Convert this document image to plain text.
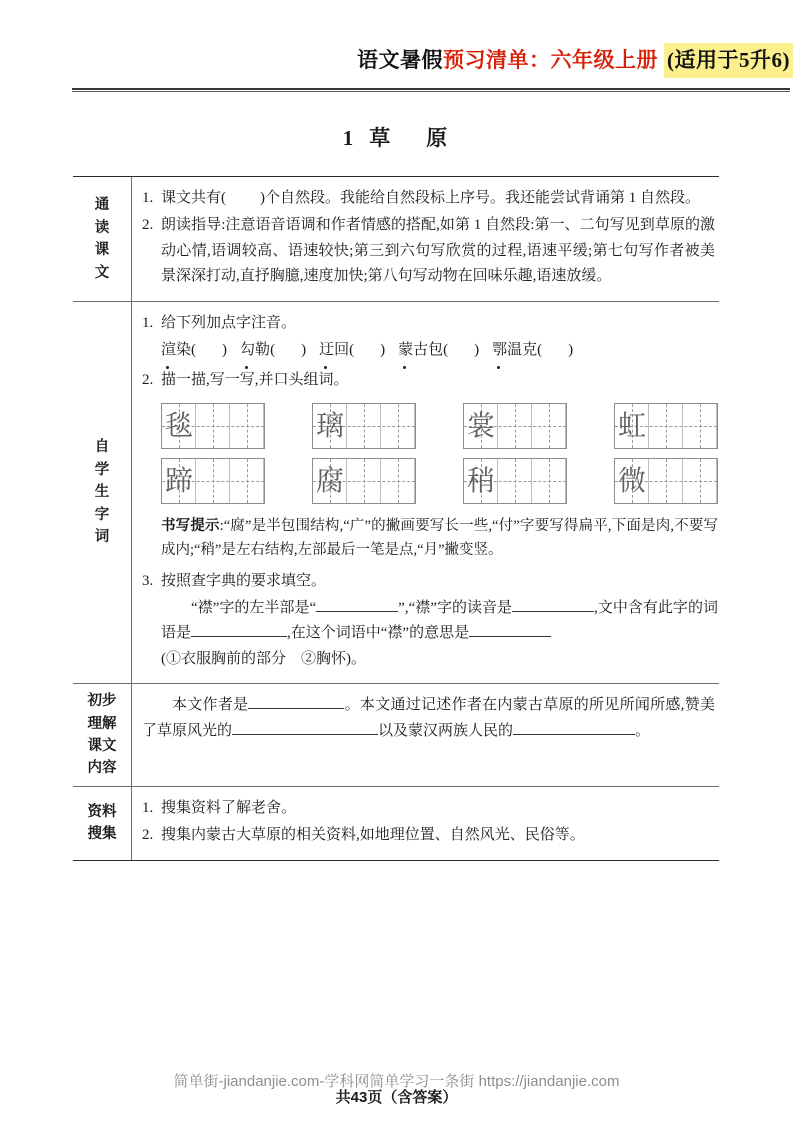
语文暑假预习清单：六年级上册 (适用于5升6)
1 草 原
通
读
课
文
1. 课文共有( )个自然段。我能给自然段标上序号。我还能尝试背诵第 1 自然段。
2. 朗读指导:注意语音语调和作者情感的搭配,如第 1 自然段:第一、二句写见到草原的激动心情,语调较高、语速较快;第三到六句写欣赏的过程,语速平缓;第七句写作者被美景深深打动,直抒胸臆,速度加快;第八句写动物在回味乐趣,语速放缓。
自
学
生
字
词
1. 给下列加点字注音。
渲染( ) 勾勒( ) 迂回( ) 蒙古包( ) 鄂温克( )
2. 描一描,写一写,并口头组词。
毯	璃	裳	虹
蹄	腐	稍	微
书写提示:“腐”是半包围结构,“广”的撇画要写长一些,“付”字要写得扁平,下面是肉,不要写成内;“稍”是左右结构,左部最后一笔是点,“月”撇变竖。
3. 按照查字典的要求填空。
“襟”字的左半部是“	”,“襟”字的读音是	,文中含有此字的词语是	,在这个词语中“襟”的意思是
(①衣服胸前的部分　②胸怀)。
初步
理解
课文
内容
本文作者是	。本文通过记述作者在内蒙古草原的所见所闻所感,赞美了草原风光的	以及蒙汉两族人民的	。
资料
搜集
1. 搜集资料了解老舍。
2. 搜集内蒙古大草原的相关资料,如地理位置、自然风光、民俗等。
简单街-jiandanjie.com-学科网简单学习一条街 https://jiandanjie.com
共43页（含答案）
